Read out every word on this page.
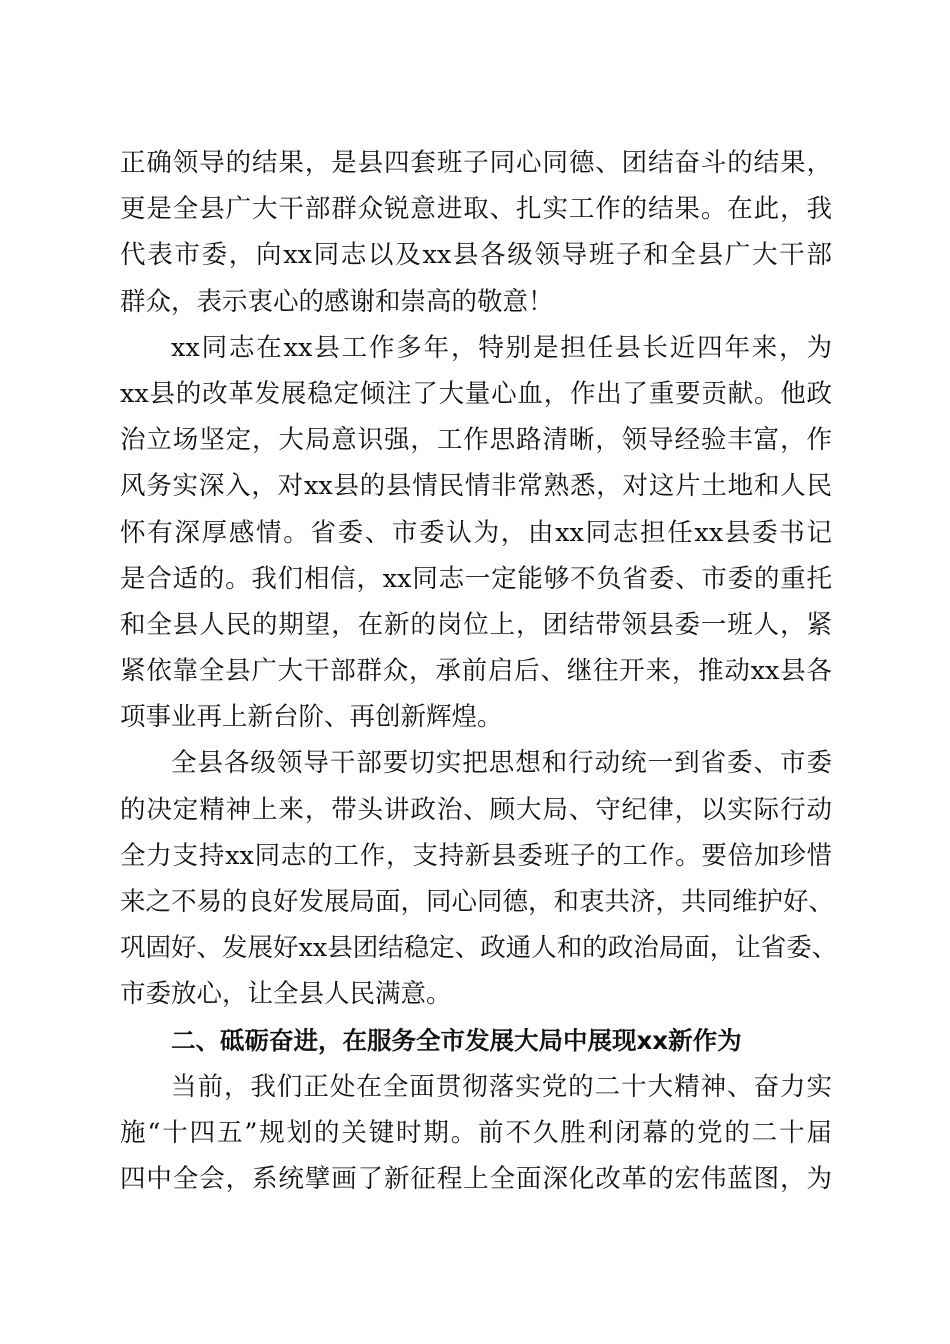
正确领导的结果，是县四套班子同心同德、团结奋斗的结果，
更是全县广大干部群众锐意进取、扎实工作的结果。在此，我
代表市委，向xx同志以及xx县各级领导班子和全县广大干部
群众，表示衷心的感谢和崇高的敬意！
xx同志在xx县工作多年，特别是担任县长近四年来，为
xx县的改革发展稳定倾注了大量心血，作出了重要贡献。他政
治立场坚定，大局意识强，工作思路清晰，领导经验丰富，作
风务实深入，对xx县的县情民情非常熟悉，对这片土地和人民
怀有深厚感情。省委、市委认为，由xx同志担任xx县委书记
是合适的。我们相信，xx同志一定能够不负省委、市委的重托
和全县人民的期望，在新的岗位上，团结带领县委一班人，紧
紧依靠全县广大干部群众，承前启后、继往开来，推动xx县各
项事业再上新台阶、再创新辉煌。
全县各级领导干部要切实把思想和行动统一到省委、市委
的决定精神上来，带头讲政治、顾大局、守纪律，以实际行动
全力支持xx同志的工作，支持新县委班子的工作。要倍加珍惜
来之不易的良好发展局面，同心同德，和衷共济，共同维护好、
巩固好、发展好xx县团结稳定、政通人和的政治局面，让省委、
市委放心，让全县人民满意。
二、砥砺奋进，在服务全市发展大局中展现xx新作为
当前，我们正处在全面贯彻落实党的二十大精神、奋力实
施“十四五”规划的关键时期。前不久胜利闭幕的党的二十届
四中全会，系统擘画了新征程上全面深化改革的宏伟蓝图，为
